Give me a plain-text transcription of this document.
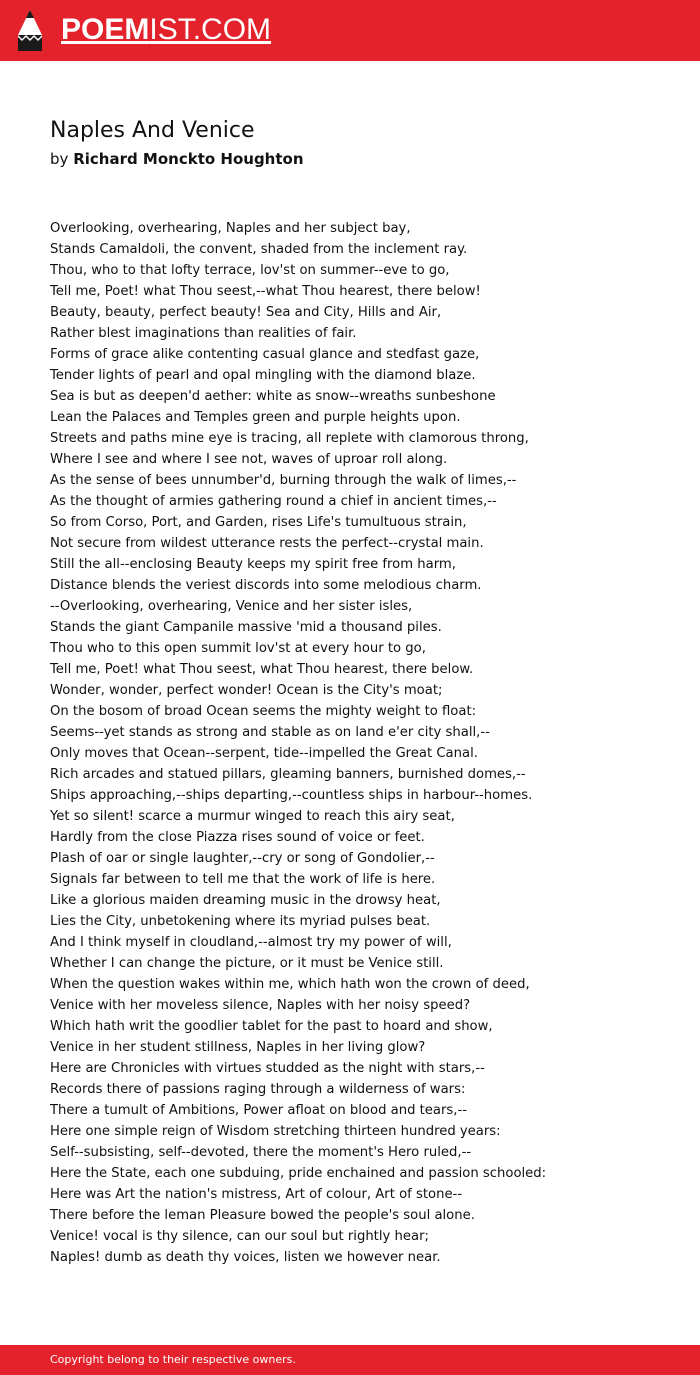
POEMIST.COM
Naples And Venice
by Richard Monckto Houghton
Overlooking, overhearing, Naples and her subject bay,
Stands Camaldoli, the convent, shaded from the inclement ray.
Thou, who to that lofty terrace, lov'st on summer--eve to go,
Tell me, Poet! what Thou seest,--what Thou hearest, there below!
Beauty, beauty, perfect beauty! Sea and City, Hills and Air,
Rather blest imaginations than realities of fair.
Forms of grace alike contenting casual glance and stedfast gaze,
Tender lights of pearl and opal mingling with the diamond blaze.
Sea is but as deepen'd aether: white as snow--wreaths sunbeshone
Lean the Palaces and Temples green and purple heights upon.
Streets and paths mine eye is tracing, all replete with clamorous throng,
Where I see and where I see not, waves of uproar roll along.
As the sense of bees unnumber'd, burning through the walk of limes,--
As the thought of armies gathering round a chief in ancient times,--
So from Corso, Port, and Garden, rises Life's tumultuous strain,
Not secure from wildest utterance rests the perfect--crystal main.
Still the all--enclosing Beauty keeps my spirit free from harm,
Distance blends the veriest discords into some melodious charm.
--Overlooking, overhearing, Venice and her sister isles,
Stands the giant Campanile massive 'mid a thousand piles.
Thou who to this open summit lov'st at every hour to go,
Tell me, Poet! what Thou seest, what Thou hearest, there below.
Wonder, wonder, perfect wonder! Ocean is the City's moat;
On the bosom of broad Ocean seems the mighty weight to float:
Seems--yet stands as strong and stable as on land e'er city shall,--
Only moves that Ocean--serpent, tide--impelled the Great Canal.
Rich arcades and statued pillars, gleaming banners, burnished domes,--
Ships approaching,--ships departing,--countless ships in harbour--homes.
Yet so silent! scarce a murmur winged to reach this airy seat,
Hardly from the close Piazza rises sound of voice or feet.
Plash of oar or single laughter,--cry or song of Gondolier,--
Signals far between to tell me that the work of life is here.
Like a glorious maiden dreaming music in the drowsy heat,
Lies the City, unbetokening where its myriad pulses beat.
And I think myself in cloudland,--almost try my power of will,
Whether I can change the picture, or it must be Venice still.
When the question wakes within me, which hath won the crown of deed,
Venice with her moveless silence, Naples with her noisy speed?
Which hath writ the goodlier tablet for the past to hoard and show,
Venice in her student stillness, Naples in her living glow?
Here are Chronicles with virtues studded as the night with stars,--
Records there of passions raging through a wilderness of wars:
There a tumult of Ambitions, Power afloat on blood and tears,--
Here one simple reign of Wisdom stretching thirteen hundred years:
Self--subsisting, self--devoted, there the moment's Hero ruled,--
Here the State, each one subduing, pride enchained and passion schooled:
Here was Art the nation's mistress, Art of colour, Art of stone--
There before the leman Pleasure bowed the people's soul alone.
Venice! vocal is thy silence, can our soul but rightly hear;
Naples! dumb as death thy voices, listen we however near.
Copyright belong to their respective owners.
